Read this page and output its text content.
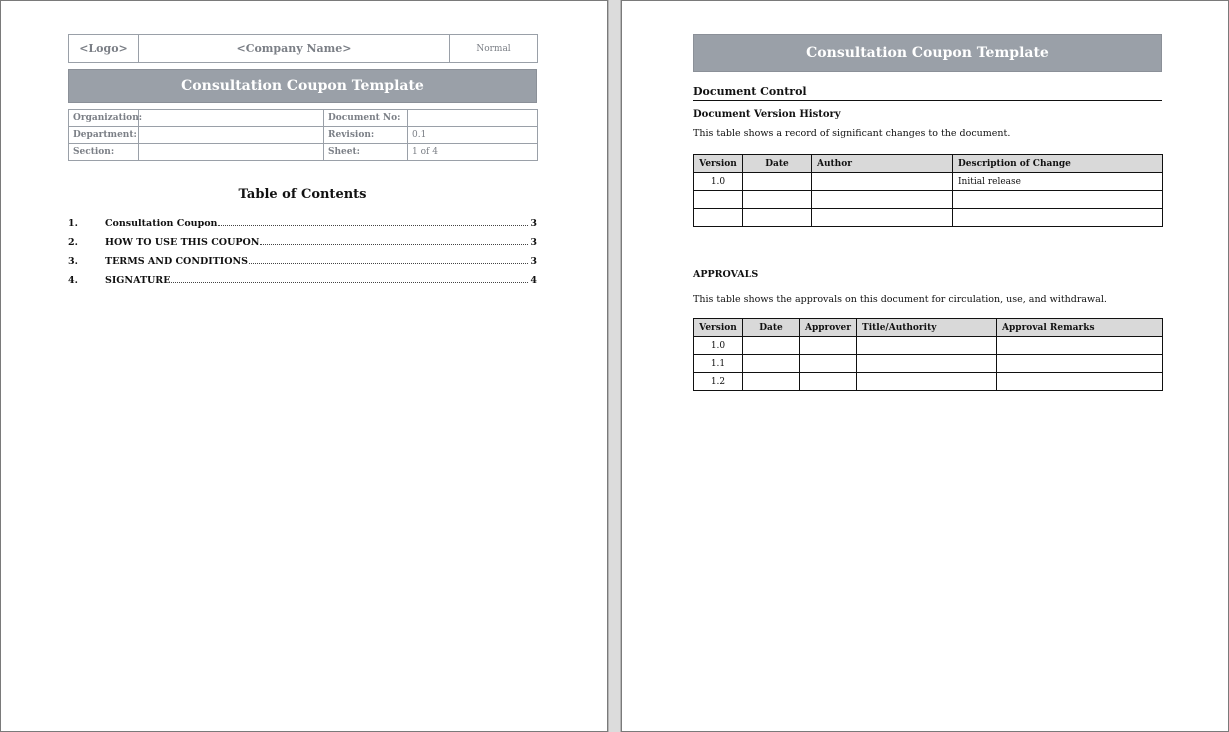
<Logo>	<Company Name>	Normal
Consultation Coupon Template
Organization:		Document No:	
Department:		Revision:	0.1
Section:		Sheet:	1 of 4
Table of Contents
1.	Consultation Coupon	3
2.	HOW TO USE THIS COUPON	3
3.	TERMS AND CONDITIONS	3
4.	SIGNATURE	4
Consultation Coupon Template
Document Control
Document Version History
This table shows a record of significant changes to the document.
Version	Date	Author	Description of Change
1.0			Initial release

APPROVALS
This table shows the approvals on this document for circulation, use, and withdrawal.
Version	Date	Approver	Title/Authority	Approval Remarks
1.0				
1.1				
1.2				
